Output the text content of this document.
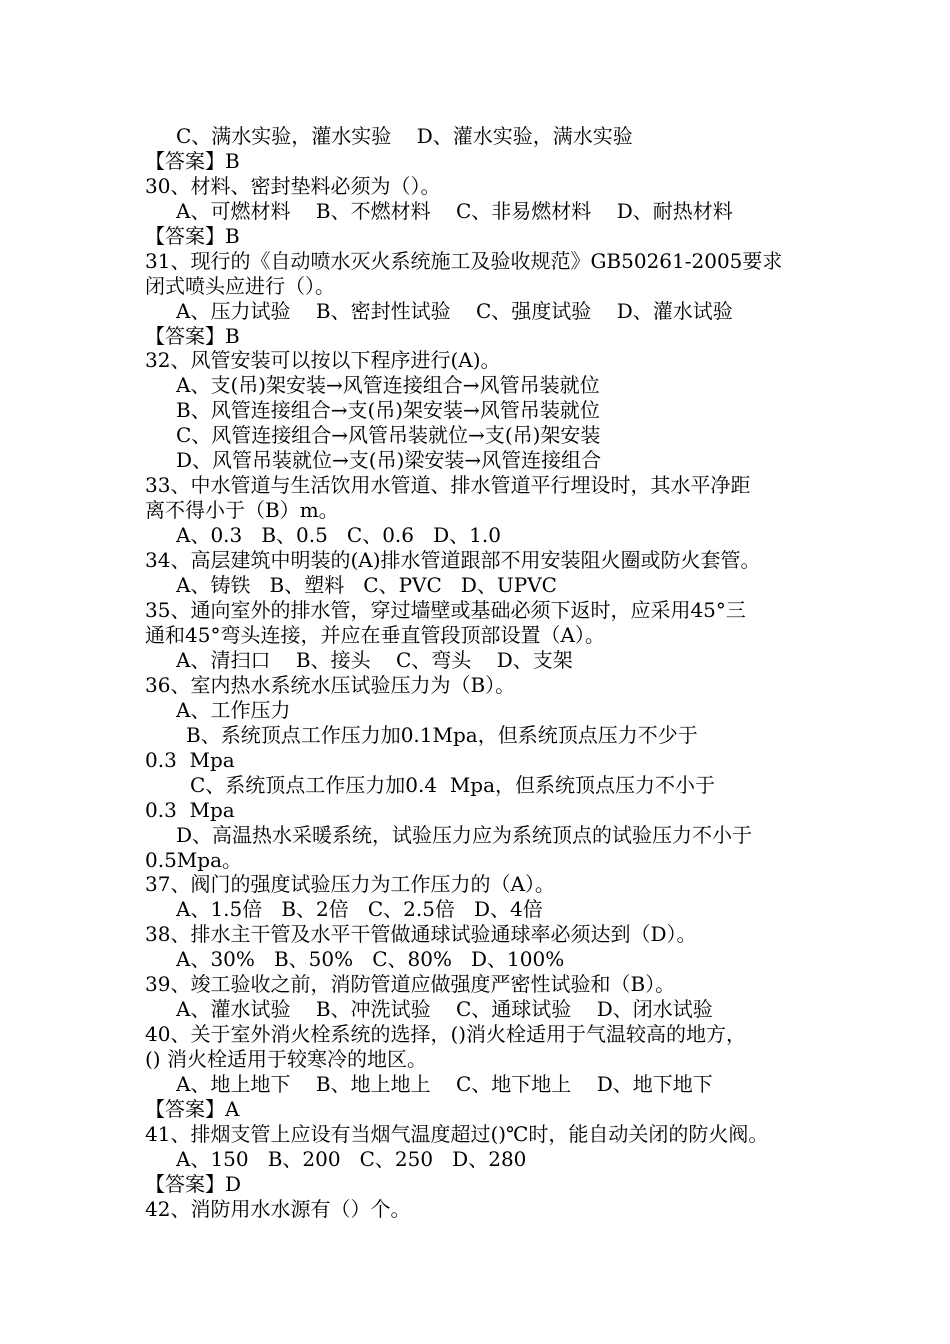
C、满水实验，灌水实验    D、灌水实验，满水实验

【答案】B

30、材料、密封垫料必须为（）。

A、可燃材料    B、不燃材料    C、非易燃材料    D、耐热材料

【答案】B

31、现行的《自动喷水灭火系统施工及验收规范》GB50261-2005要求

闭式喷头应进行（）。

A、压力试验    B、密封性试验    C、强度试验    D、灌水试验

【答案】B

32、风管安装可以按以下程序进行(A)。

A、支(吊)架安装→风管连接组合→风管吊装就位

B、风管连接组合→支(吊)架安装→风管吊装就位

C、风管连接组合→风管吊装就位→支(吊)架安装

D、风管吊装就位→支(吊)梁安装→风管连接组合

33、中水管道与生活饮用水管道、排水管道平行埋设时，其水平净距

离不得小于（B）m。

A、0.3   B、0.5   C、0.6   D、1.0

34、高层建筑中明装的(A)排水管道跟部不用安装阻火圈或防火套管。

A、铸铁   B、塑料   C、PVC   D、UPVC

35、通向室外的排水管，穿过墙壁或基础必须下返时，应采用45°三

通和45°弯头连接，并应在垂直管段顶部设置（A）。

A、清扫口    B、接头    C、弯头    D、支架

36、室内热水系统水压试验压力为（B）。

A、工作压力

B、系统顶点工作压力加0.1Mpa，但系统顶点压力不少于

0.3  Mpa

C、系统顶点工作压力加0.4  Mpa，但系统顶点压力不小于

0.3  Mpa

D、高温热水采暖系统，试验压力应为系统顶点的试验压力不小于

0.5Mpa。

37、阀门的强度试验压力为工作压力的（A）。

A、1.5倍   B、2倍   C、2.5倍   D、4倍

38、排水主干管及水平干管做通球试验通球率必须达到（D）。

A、30%   B、50%   C、80%   D、100%

39、竣工验收之前，消防管道应做强度严密性试验和（B）。

A、灌水试验    B、冲洗试验    C、通球试验    D、闭水试验

40、关于室外消火栓系统的选择，()消火栓适用于气温较高的地方，

() 消火栓适用于较寒冷的地区。

A、地上地下    B、地上地上    C、地下地上    D、地下地下

【答案】A

41、排烟支管上应设有当烟气温度超过()℃时，能自动关闭的防火阀。

A、150   B、200   C、250   D、280

【答案】D

42、消防用水水源有（）个。
